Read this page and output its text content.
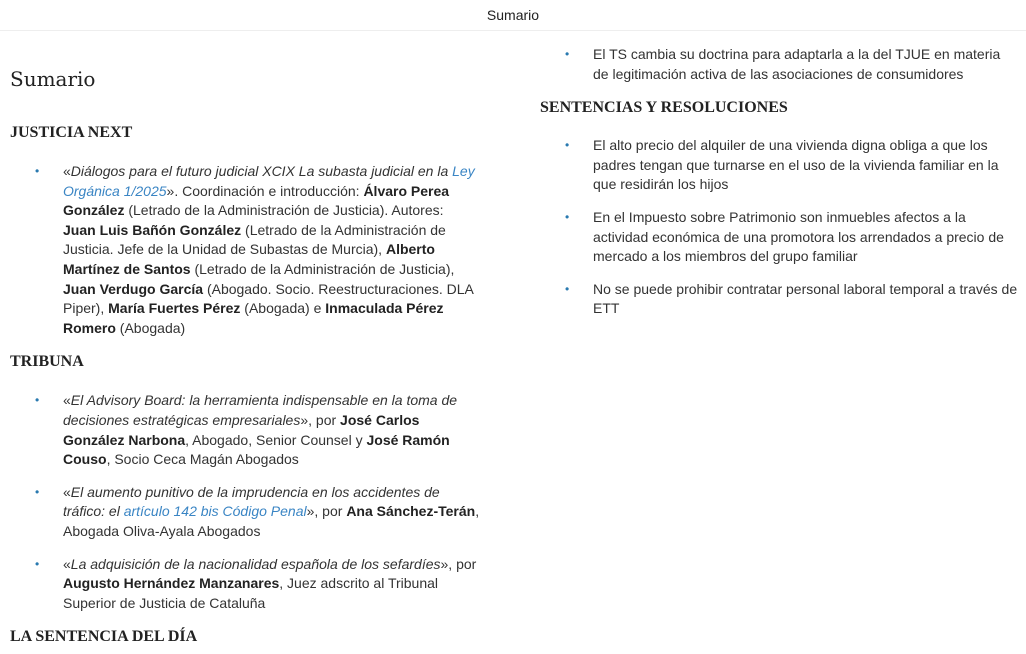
Sumario
Sumario
JUSTICIA NEXT
• «Diálogos para el futuro judicial XCIX La subasta judicial en la Ley Orgánica 1/2025». Coordinación e introducción: Álvaro Perea González (Letrado de la Administración de Justicia). Autores: Juan Luis Bañón González (Letrado de la Administración de Justicia. Jefe de la Unidad de Subastas de Murcia), Alberto Martínez de Santos (Letrado de la Administración de Justicia), Juan Verdugo García (Abogado. Socio. Reestructuraciones. DLA Piper), María Fuertes Pérez (Abogada) e Inmaculada Pérez Romero (Abogada)
TRIBUNA
• «El Advisory Board: la herramienta indispensable en la toma de decisiones estratégicas empresariales», por José Carlos González Narbona, Abogado, Senior Counsel y José Ramón Couso, Socio Ceca Magán Abogados
• «El aumento punitivo de la imprudencia en los accidentes de tráfico: el artículo 142 bis Código Penal», por Ana Sánchez-Terán, Abogada Oliva-Ayala Abogados
• «La adquisición de la nacionalidad española de los sefardíes», por Augusto Hernández Manzanares, Juez adscrito al Tribunal Superior de Justicia de Cataluña
LA SENTENCIA DEL DÍA
• El TS cambia su doctrina para adaptarla a la del TJUE en materia de legitimación activa de las asociaciones de consumidores
SENTENCIAS Y RESOLUCIONES
• El alto precio del alquiler de una vivienda digna obliga a que los padres tengan que turnarse en el uso de la vivienda familiar en la que residirán los hijos
• En el Impuesto sobre Patrimonio son inmuebles afectos a la actividad económica de una promotora los arrendados a precio de mercado a los miembros del grupo familiar
• No se puede prohibir contratar personal laboral temporal a través de ETT
